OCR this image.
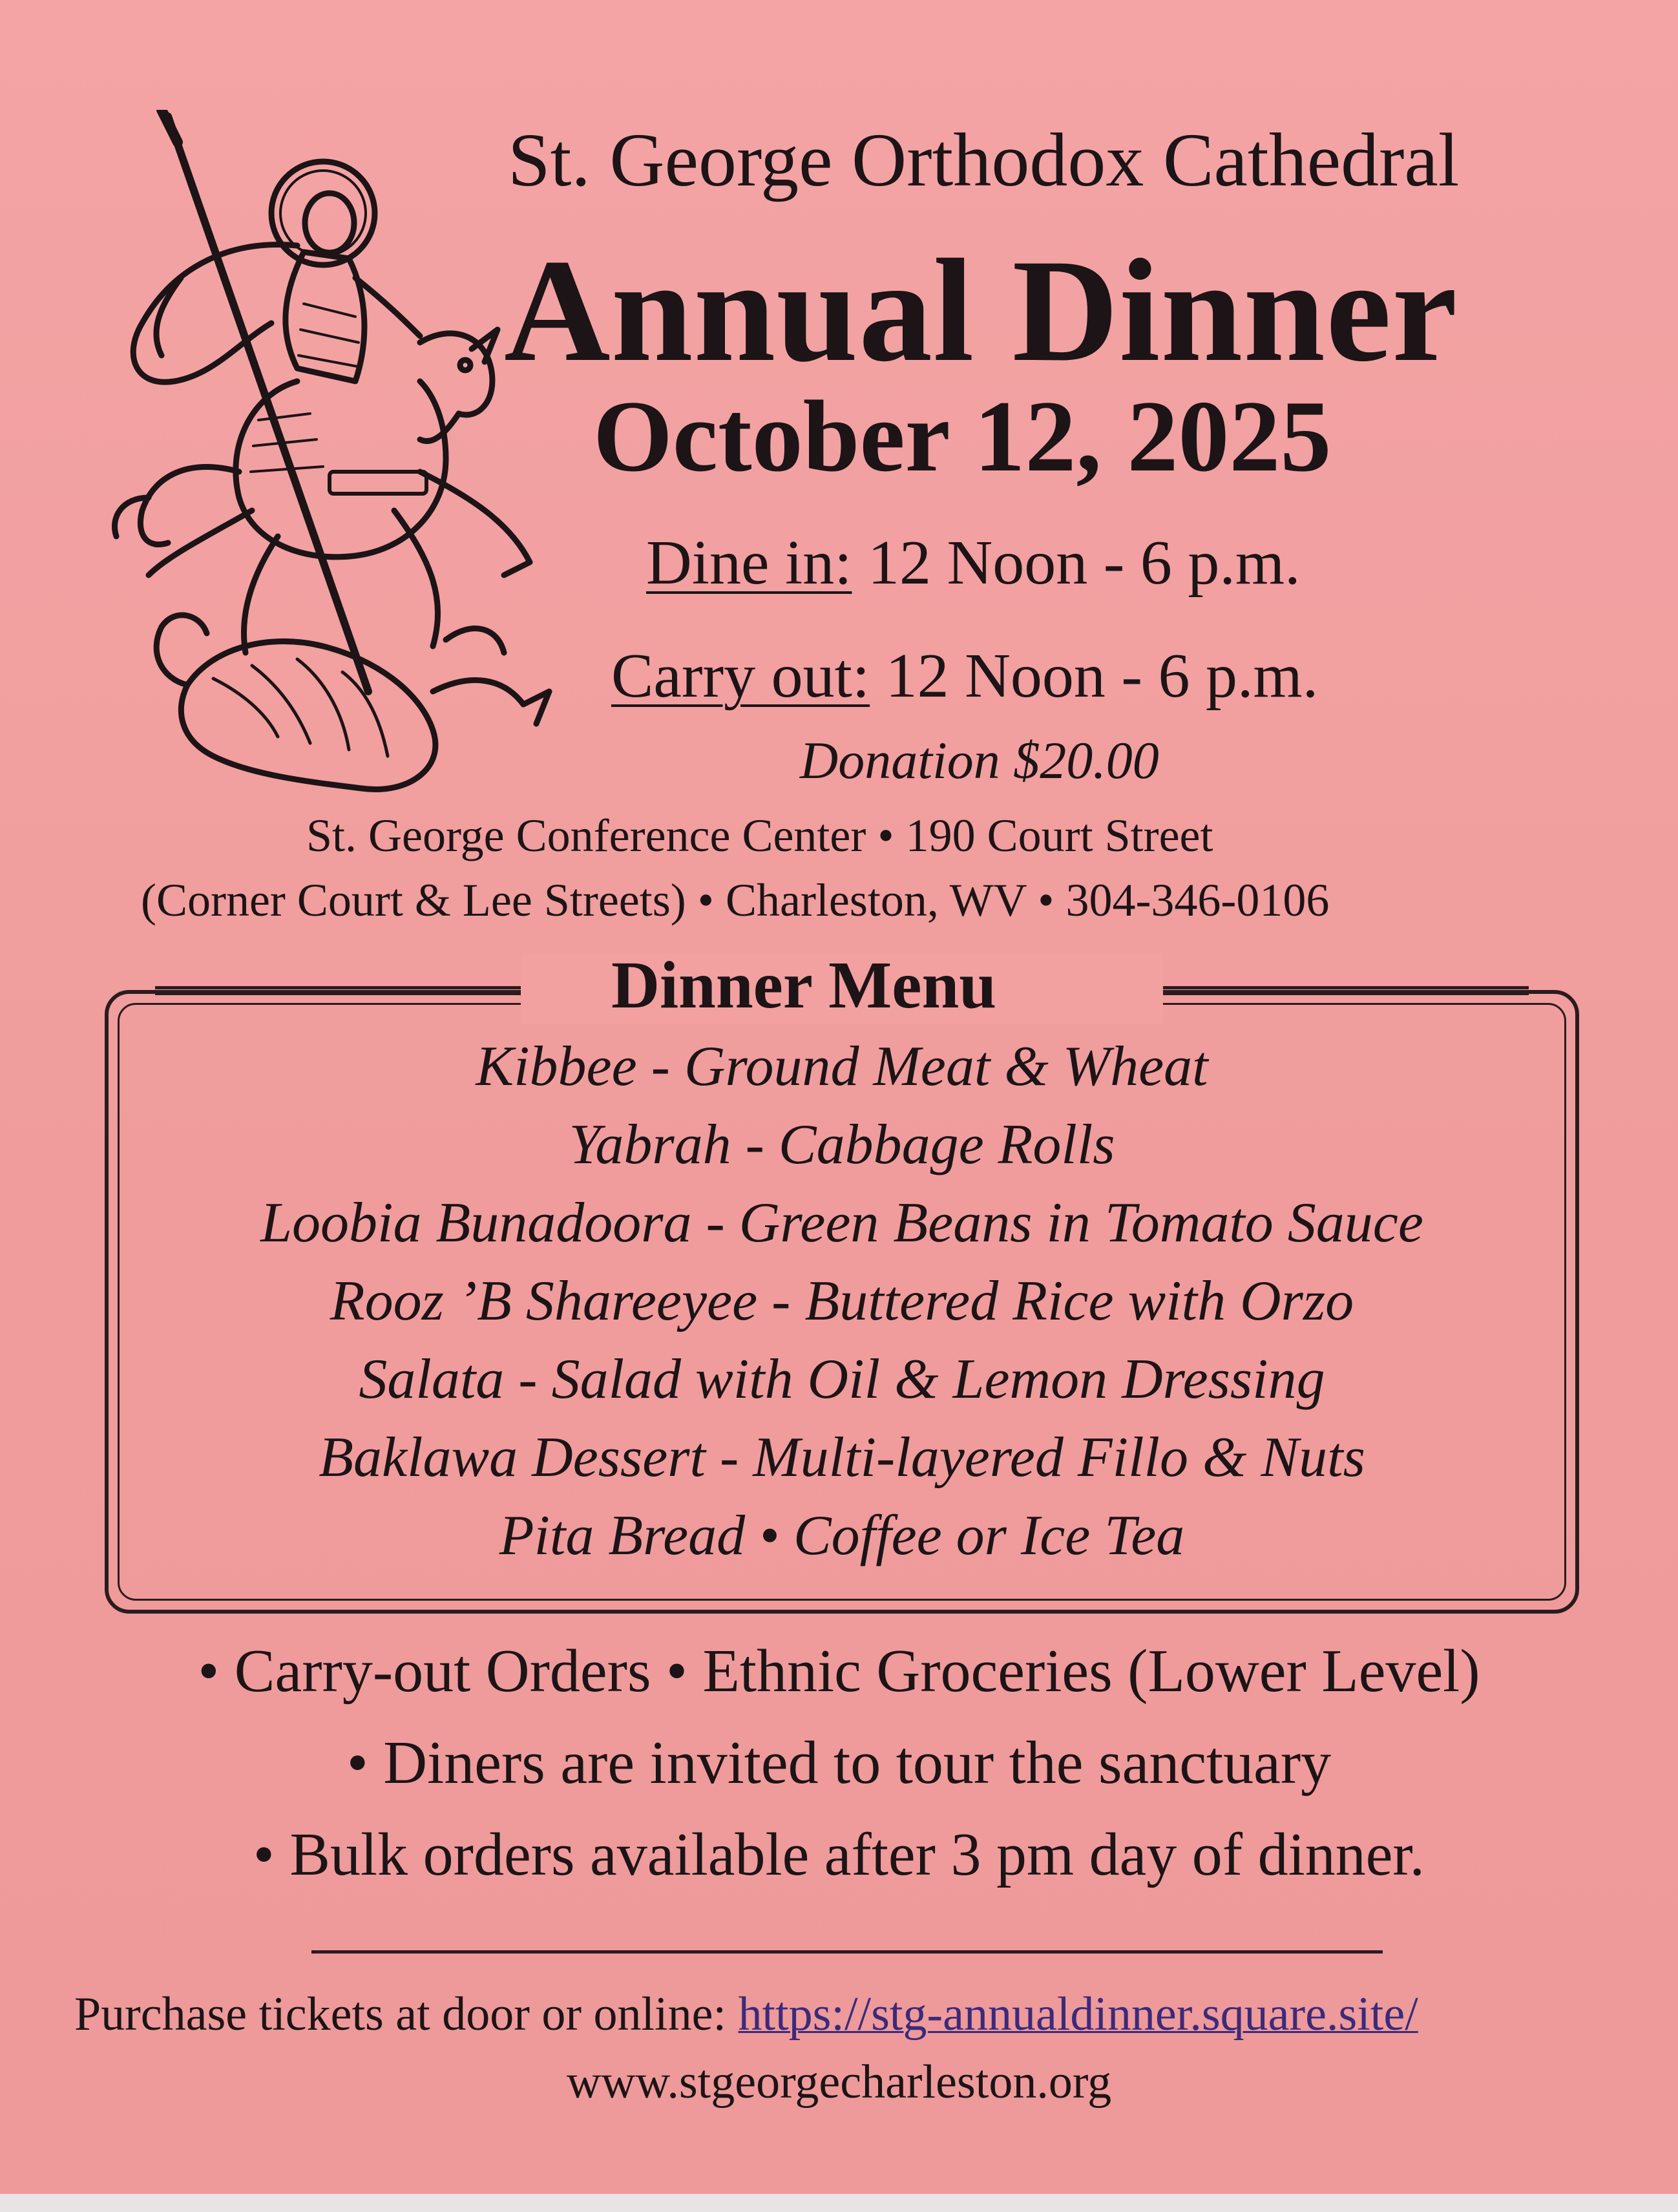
St. George Orthodox Cathedral
Annual Dinner
October 12, 2025
Dine in: 12 Noon - 6 p.m.
Carry out: 12 Noon - 6 p.m.
Donation $20.00
St. George Conference Center • 190 Court Street
(Corner Court & Lee Streets) • Charleston, WV • 304-346-0106
Dinner Menu
Kibbee - Ground Meat & Wheat
Yabrah - Cabbage Rolls
Loobia Bunadoora - Green Beans in Tomato Sauce
Rooz ’B Shareeyee - Buttered Rice with Orzo
Salata - Salad with Oil & Lemon Dressing
Baklawa Dessert - Multi-layered Fillo & Nuts
Pita Bread • Coffee or Ice Tea
• Carry-out Orders • Ethnic Groceries (Lower Level)
• Diners are invited to tour the sanctuary
• Bulk orders available after 3 pm day of dinner.
Purchase tickets at door or online: https://stg-annualdinner.square.site/
www.stgeorgecharleston.org
